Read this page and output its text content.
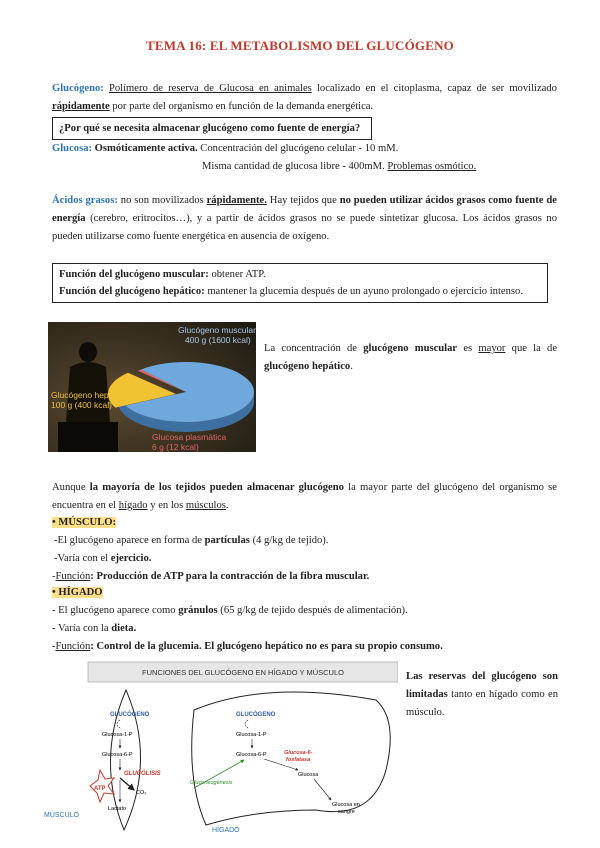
TEMA 16: EL METABOLISMO DEL GLUCÓGENO
Glucógeno: Polímero de reserva de Glucosa en animales localizado en el citoplasma, capaz de ser movilizado rápidamente por parte del organismo en función de la demanda energética.
¿Por qué se necesita almacenar glucógeno como fuente de energía?
Glucosa: Osmóticamente activa. Concentración del glucógeno celular - 10 mM.
Misma cantidad de glucosa libre - 400mM. Problemas osmótico.
Ácidos grasos: no son movilizados rápidamente. Hay tejidos que no pueden utilizar ácidos grasos como fuente de energía (cerebro, eritrocitos…), y a partir de ácidos grasos no se puede sintetizar glucosa. Los ácidos grasos no pueden utilizarse como fuente energética en ausencia de oxígeno.
Función del glucógeno muscular: obtener ATP.
Función del glucógeno hepático: mantener la glucemia después de un ayuno prolongado o ejercicio intenso.
Glucógeno muscular
400 g (1600 kcal)
Glucógeno hepático
100 g (400 kcal)
Glucosa plasmática
6 g (12 kcal)
La concentración de glucógeno muscular es mayor que la de glucógeno hepático.
Aunque la mayoría de los tejidos pueden almacenar glucógeno la mayor parte del glucógeno del organismo se encuentra en el hígado y en los músculos.
• MÚSCULO:
-El glucógeno aparece en forma de partículas (4 g/kg de tejido).
-Varía con el ejercicio.
-Función: Producción de ATP para la contracción de la fibra muscular.
• HÍGADO
- El glucógeno aparece como gránulos (65 g/kg de tejido después de alimentación).
- Varía con la dieta.
-Función: Control de la glucemia. El glucógeno hepático no es para su propio consumo.
FUNCIONES DEL GLUCÓGENO EN HÍGADO Y MÚSCULO
GLUCÓGENO
Glucosa-1-P
Glucosa-6-P
GLUCÓLISIS
ATP
CO₂
Lactato
GLUCÓGENO
Glucosa-1-P
Glucosa-6-P	Glucosa-6-
fosfatasa
Gluconeogénesis
Glucosa
Glucosa en
sangre
HÍGADO
MÚSCULO
Las reservas del glucógeno son limitadas tanto en hígado como en músculo.
